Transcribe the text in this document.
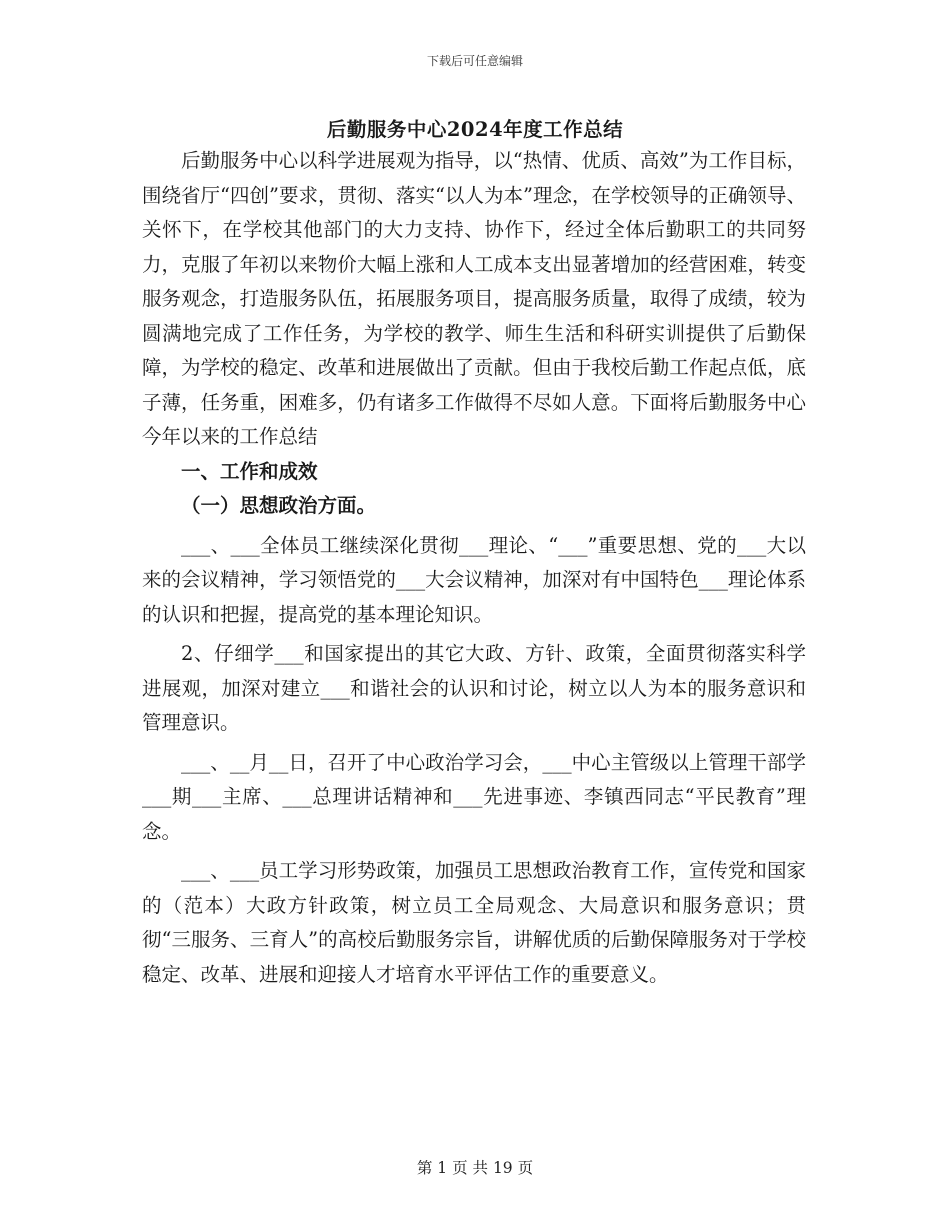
下载后可任意编辑
后勤服务中心2024年度工作总结

后勤服务中心以科学进展观为指导，以“热情、优质、高效”为工作目标，围绕省厅“四创”要求，贯彻、落实“以人为本”理念，在学校领导的正确领导、关怀下，在学校其他部门的大力支持、协作下，经过全体后勤职工的共同努力，克服了年初以来物价大幅上涨和人工成本支出显著增加的经营困难，转变服务观念，打造服务队伍，拓展服务项目，提高服务质量，取得了成绩，较为圆满地完成了工作任务，为学校的教学、师生生活和科研实训提供了后勤保障，为学校的稳定、改革和进展做出了贡献。但由于我校后勤工作起点低，底子薄，任务重，困难多，仍有诸多工作做得不尽如人意。下面将后勤服务中心今年以来的工作总结

一、工作和成效

（一）思想政治方面。

___、___全体员工继续深化贯彻___理论、“___”重要思想、党的___大以来的会议精神，学习领悟党的___大会议精神，加深对有中国特色___理论体系的认识和把握，提高党的基本理论知识。

2、仔细学___和国家提出的其它大政、方针、政策，全面贯彻落实科学进展观，加深对建立___和谐社会的认识和讨论，树立以人为本的服务意识和管理意识。

___、__月__日，召开了中心政治学习会，___中心主管级以上管理干部学___期___主席、___总理讲话精神和___先进事迹、李镇西同志“平民教育”理念。

___、___员工学习形势政策，加强员工思想政治教育工作，宣传党和国家的（范本）大政方针政策，树立员工全局观念、大局意识和服务意识；贯彻“三服务、三育人”的高校后勤服务宗旨，讲解优质的后勤保障服务对于学校稳定、改革、进展和迎接人才培育水平评估工作的重要意义。

第 1 页 共 19 页
